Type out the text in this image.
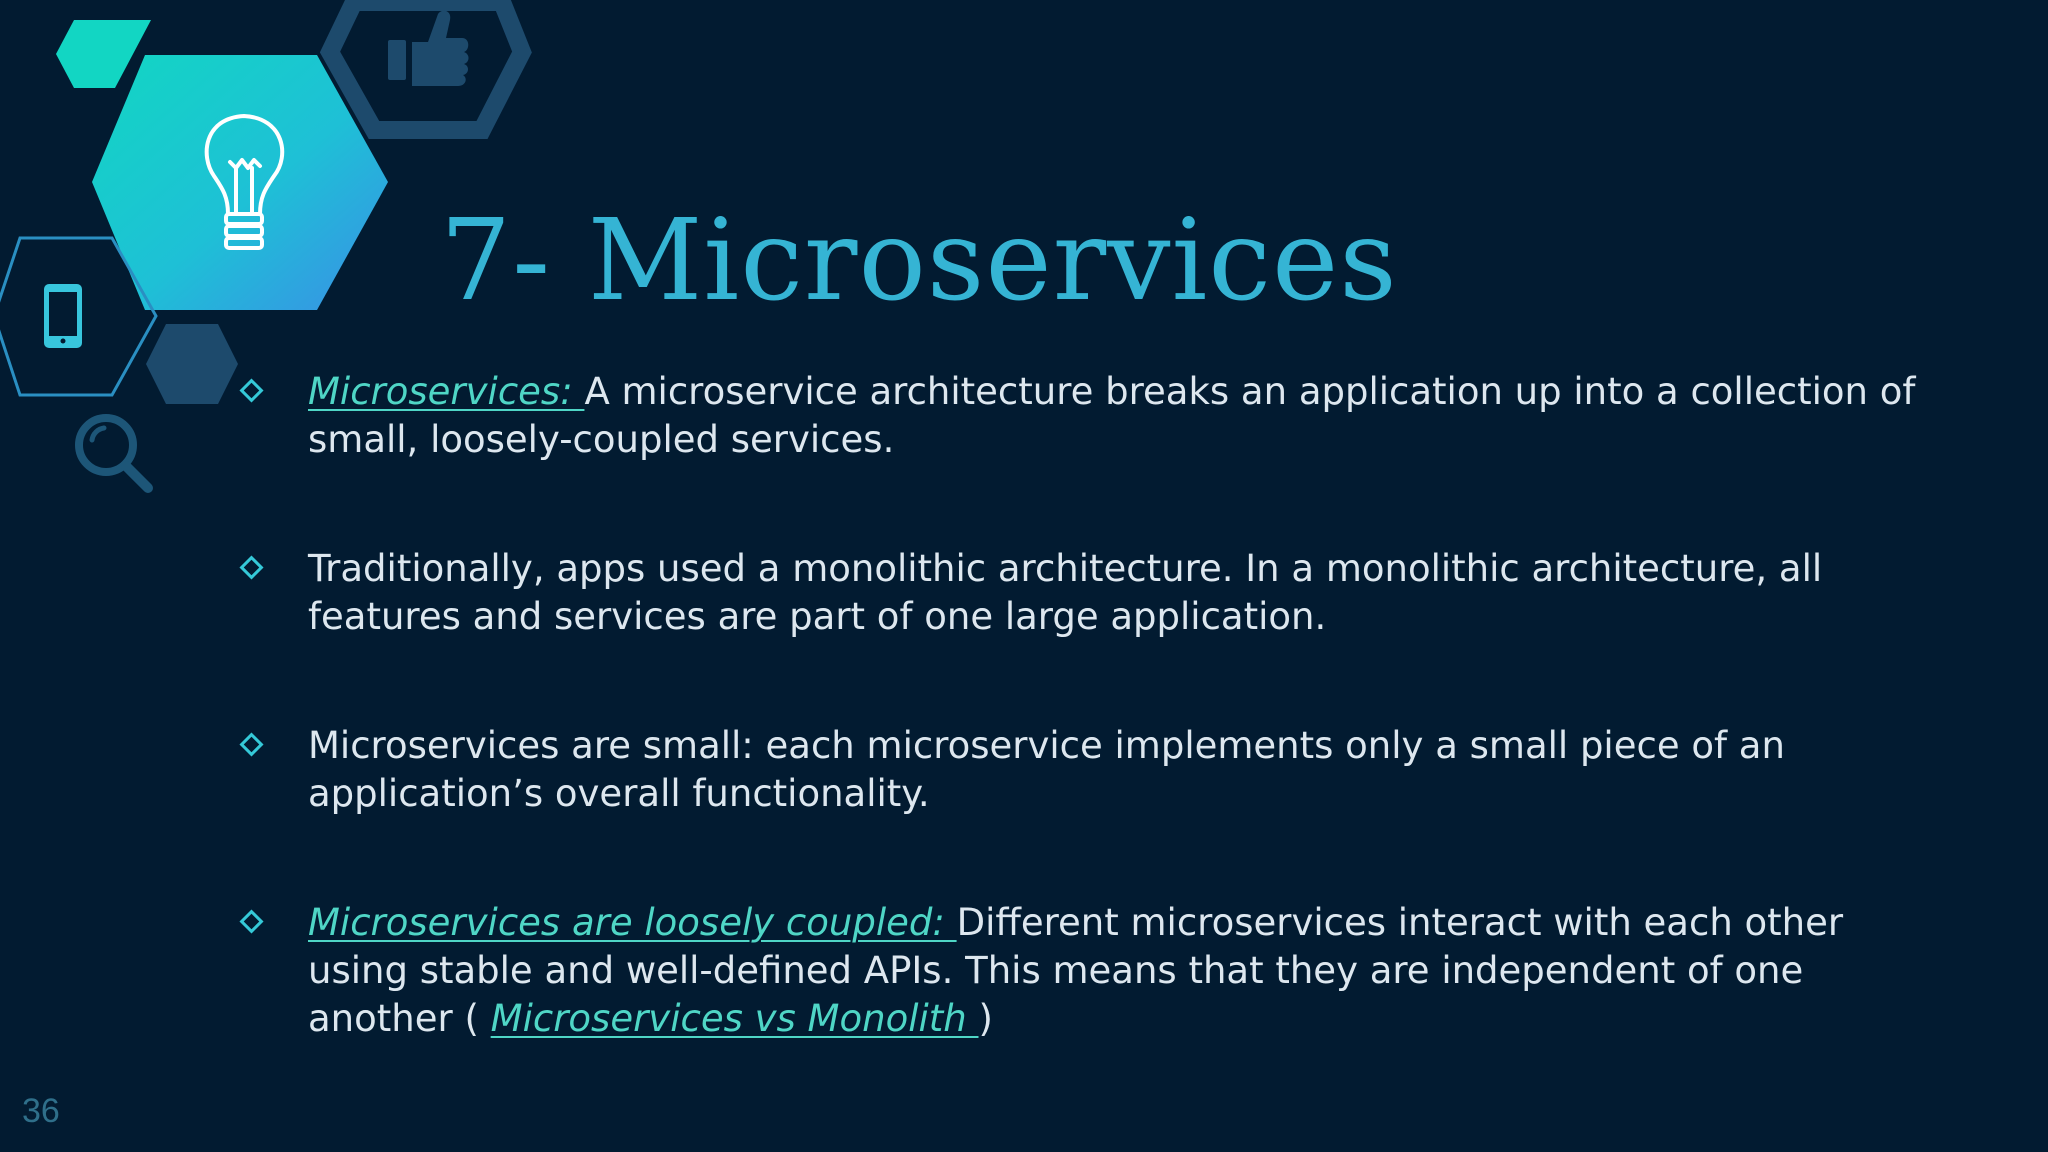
7- Microservices
Microservices: A microservice architecture breaks an application up into a collection of small, loosely-coupled services.
Traditionally, apps used a monolithic architecture. In a monolithic architecture, all features and services are part of one large application.
Microservices are small: each microservice implements only a small piece of an application’s overall functionality.
Microservices are loosely coupled: Different microservices interact with each other using stable and well-defined APIs. This means that they are independent of one another ( Microservices vs Monolith )
36
